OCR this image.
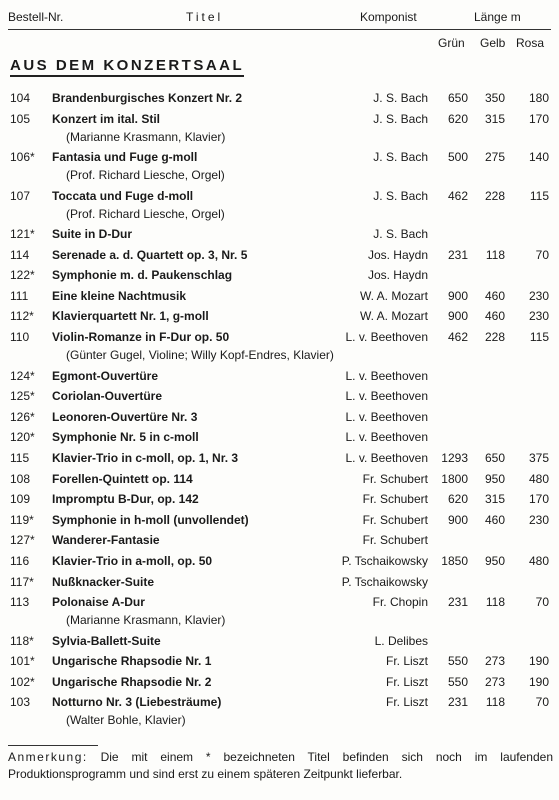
Bestell-Nr.	Titel	Komponist	Länge m
Grün Gelb Rosa
AUS DEM KONZERTSAAL
104 Brandenburgisches Konzert Nr. 2	J. S. Bach 650 350 180
105 Konzert im ital. Stil
(Marianne Krasmann, Klavier)
J. S. Bach 620 315 170
106* Fantasia und Fuge g-moll
(Prof. Richard Liesche, Orgel)
J. S. Bach 500 275 140
107 Toccata und Fuge d-moll
(Prof. Richard Liesche, Orgel)
J. S. Bach 462 228 115
121* Suite in D-Dur	J. S. Bach
114 Serenade a. d. Quartett op. 3, Nr. 5	Jos. Haydn 231 118	70
122* Symphonie m. d. Paukenschlag	Jos. Haydn
111 Eine kleine Nachtmusik	W. A. Mozart 900 460 230
112* Klavierquartett Nr. 1, g-moll	W. A. Mozart 900 460 230
110 Violin-Romanze in F-Dur op. 50
(Günter Gugel, Violine; Willy Kopf-Endres, Klavier)
L. v. Beethoven 462 228 115
124* Egmont-Ouvertüre	L. v. Beethoven
125* Coriolan-Ouvertüre	L. v. Beethoven
126* Leonoren-Ouvertüre Nr. 3	L. v. Beethoven
120* Symphonie Nr. 5 in c-moll	L. v. Beethoven
115 Klavier-Trio in c-moll, op. 1, Nr. 3	L. v. Beethoven 1293 650 375
108 Forellen-Quintett op. 114	Fr. Schubert 1800 950 480
109 Impromptu B-Dur, op. 142	Fr. Schubert 620 315 170
119* Symphonie in h-moll (unvollendet)	Fr. Schubert 900 460 230
127* Wanderer-Fantasie	Fr. Schubert
116 Klavier-Trio in a-moll, op. 50	P. Tschaikowsky 1850 950 480
117* Nußknacker-Suite	P. Tschaikowsky
113 Polonaise A-Dur
(Marianne Krasmann, Klavier)
Fr. Chopin 231 118	70
118* Sylvia-Ballett-Suite	L. Delibes
101* Ungarische Rhapsodie Nr. 1	Fr. Liszt 550 273 190
102* Ungarische Rhapsodie Nr. 2	Fr. Liszt 550 273 190
103 Notturno Nr. 3 (Liebesträume)
(Walter Bohle, Klavier)
Fr. Liszt 231 118	70
Anmerkung: Die mit einem * bezeichneten Titel befinden sich noch im laufenden Produktionsprogramm und sind erst zu einem späteren Zeitpunkt lieferbar.
